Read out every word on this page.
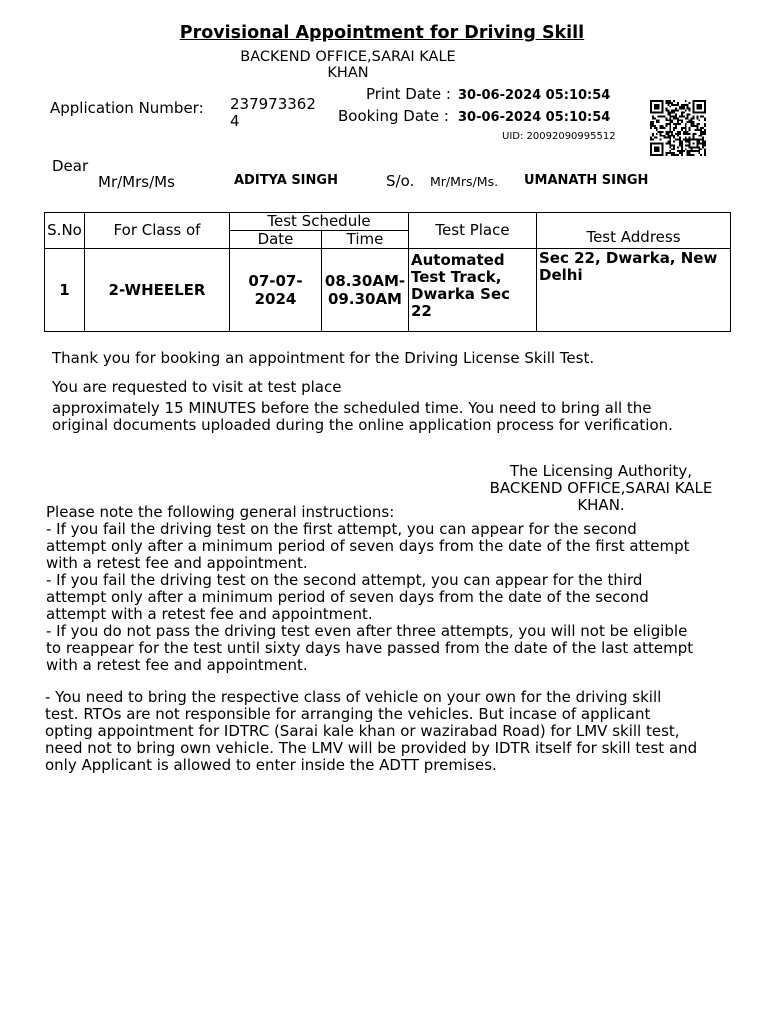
Provisional Appointment for Driving Skill
BACKEND OFFICE,SARAI KALE
KHAN
Application Number: 237973362
4
Print Date : 30-06-2024 05:10:54
Booking Date : 30-06-2024 05:10:54
UID: 20092090995512
Dear
Mr/Mrs/Ms	ADITYA SINGH	S/o. Mr/Mrs/Ms. UMANATH SINGH
S.No	For Class of	Test Schedule		Test Place	Test Address
		Date	Time		
1	2-WHEELER	07-07-2024	08.30AM-09.30AM	Automated Test Track, Dwarka Sec 22	Sec 22, Dwarka, New Delhi
Thank you for booking an appointment for the Driving License Skill Test.
You are requested to visit at test place
approximately 15 MINUTES before the scheduled time. You need to bring all the
original documents uploaded during the online application process for verification.
The Licensing Authority,
BACKEND OFFICE,SARAI KALE
KHAN.
Please note the following general instructions:
- If you fail the driving test on the first attempt, you can appear for the second
attempt only after a minimum period of seven days from the date of the first attempt
with a retest fee and appointment.
- If you fail the driving test on the second attempt, you can appear for the third
attempt only after a minimum period of seven days from the date of the second
attempt with a retest fee and appointment.
- If you do not pass the driving test even after three attempts, you will not be eligible
to reappear for the test until sixty days have passed from the date of the last attempt
with a retest fee and appointment.
- You need to bring the respective class of vehicle on your own for the driving skill
test. RTOs are not responsible for arranging the vehicles. But incase of applicant
opting appointment for IDTRC (Sarai kale khan or wazirabad Road) for LMV skill test,
need not to bring own vehicle. The LMV will be provided by IDTR itself for skill test and
only Applicant is allowed to enter inside the ADTT premises.
